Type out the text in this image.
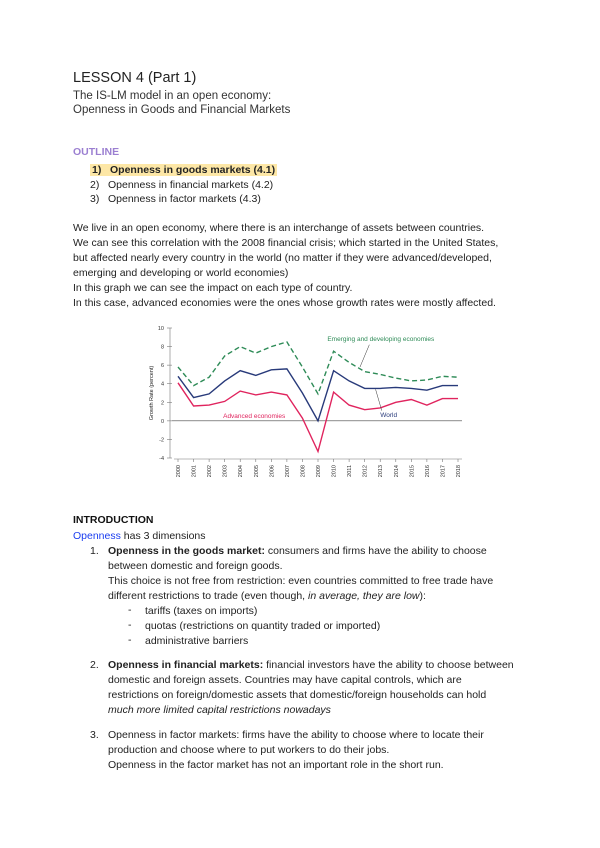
LESSON 4 (Part 1)
The IS-LM model in an open economy:
Openness in Goods and Financial Markets
OUTLINE
1) Openness in goods markets (4.1)
2) Openness in financial markets (4.2)
3) Openness in factor markets (4.3)
We live in an open economy, where there is an interchange of assets between countries.
We can see this correlation with the 2008 financial crisis; which started in the United States,
but affected nearly every country in the world (no matter if they were advanced/developed,
emerging and developing or world economies)
In this graph we can see the impact on each type of country.
In this case, advanced economies were the ones whose growth rates were mostly affected.
10
8
6
4
2
0
-2
-4
Growth Rate (percent)
2000 2001 2002 2003 2004 2005 2006 2007 2008 2009 2010 2011 2012 2013 2014 2015 2016 2017 2018
Emerging and developing economies
World
Advanced economies
INTRODUCTION
Openness has 3 dimensions
1. Openness in the goods market: consumers and firms have the ability to choose
between domestic and foreign goods.
This choice is not free from restriction: even countries committed to free trade have
different restrictions to trade (even though, in average, they are low):
- tariffs (taxes on imports)
- quotas (restrictions on quantity traded or imported)
- administrative barriers
2. Openness in financial markets: financial investors have the ability to choose between
domestic and foreign assets. Countries may have capital controls, which are
restrictions on foreign/domestic assets that domestic/foreign households can hold
much more limited capital restrictions nowadays
3. Openness in factor markets: firms have the ability to choose where to locate their
production and choose where to put workers to do their jobs.
Openness in the factor market has not an important role in the short run.
